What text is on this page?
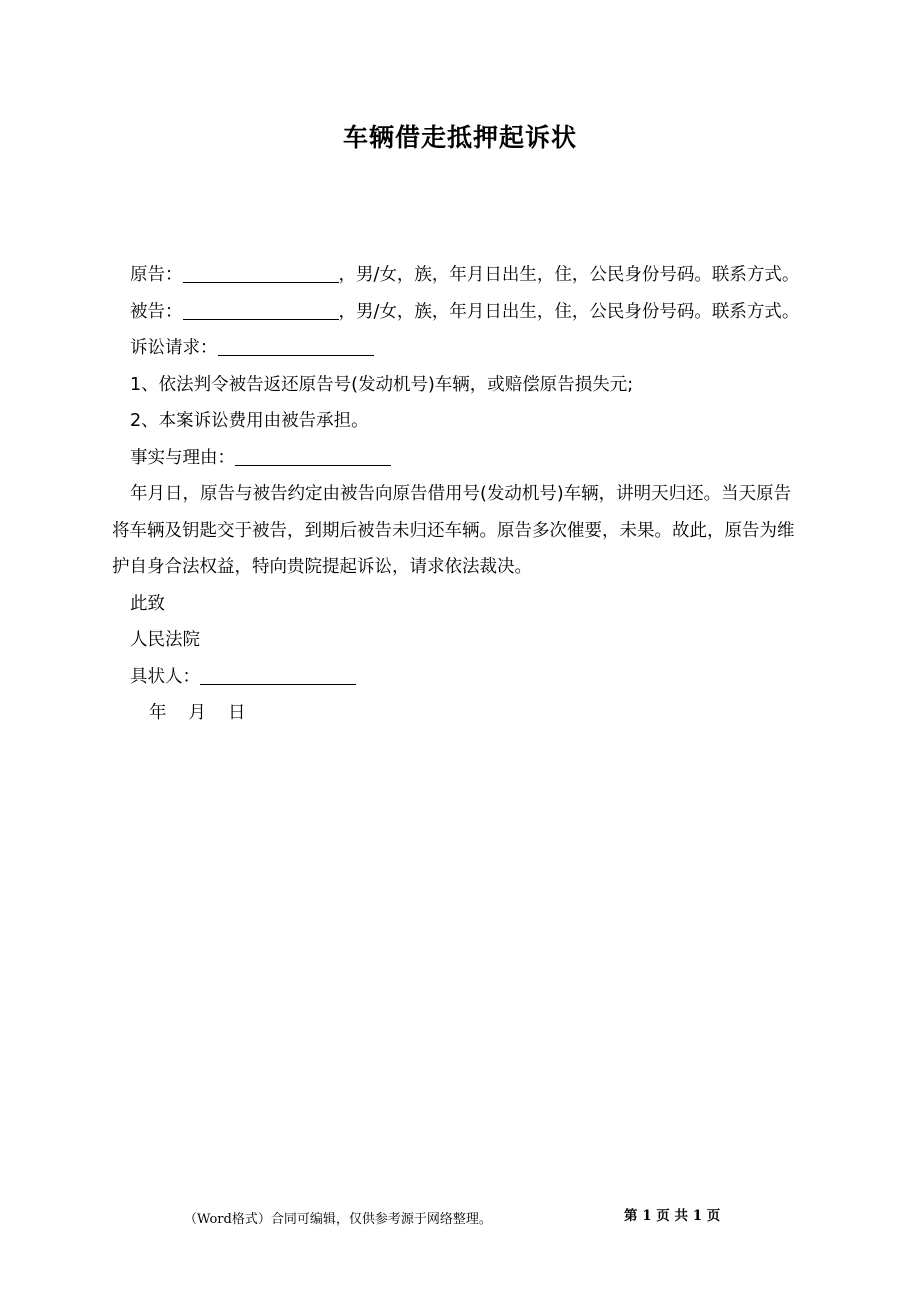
车辆借走抵押起诉状

原告：	，男/女，族，年月日出生，住，公民身份号码。联系方式。

被告：	，男/女，族，年月日出生，住，公民身份号码。联系方式。

诉讼请求：

1、依法判令被告返还原告号(发动机号)车辆，或赔偿原告损失元;

2、本案诉讼费用由被告承担。

事实与理由：

年月日，原告与被告约定由被告向原告借用号(发动机号)车辆，讲明天归还。当天原告将车辆及钥匙交于被告，到期后被告未归还车辆。原告多次催要，未果。故此，原告为维护自身合法权益，特向贵院提起诉讼，请求依法裁决。

此致

人民法院

具状人：

年 月 日

（Word格式）合同可编辑，仅供参考源于网络整理。	第 1 页 共 1 页
